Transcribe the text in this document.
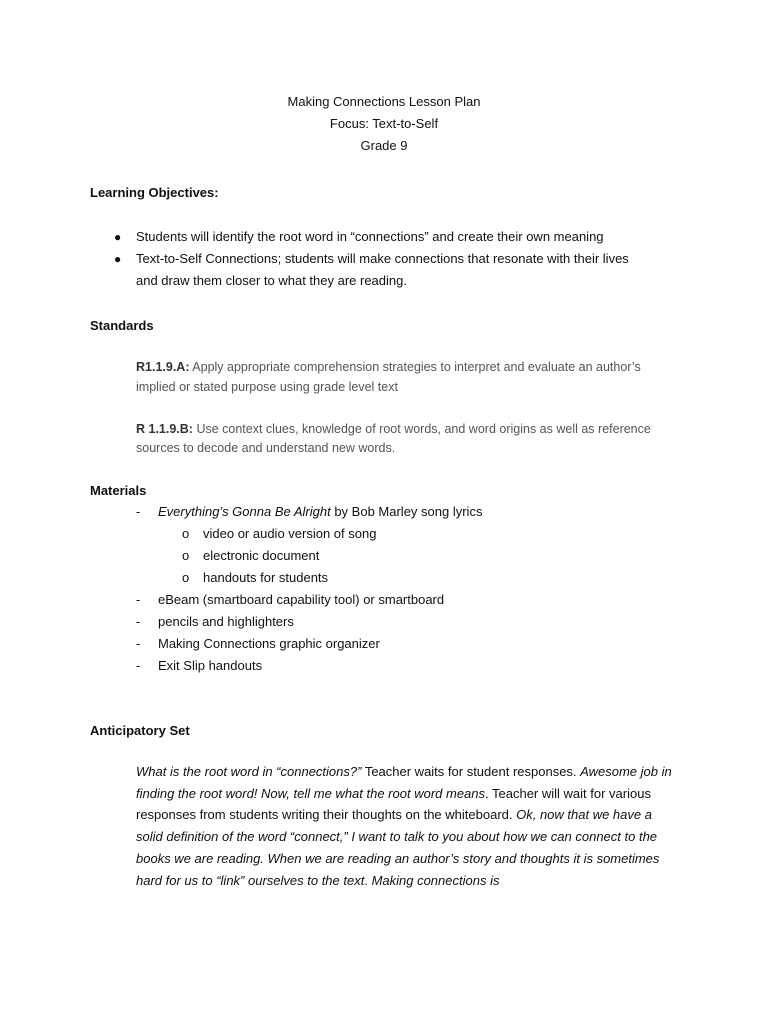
Making Connections Lesson Plan
Focus: Text-to-Self
Grade 9
Learning Objectives:
● Students will identify the root word in “connections” and create their own meaning
● Text-to-Self Connections; students will make connections that resonate with their lives
and draw them closer to what they are reading.
Standards
R1.1.9.A: Apply appropriate comprehension strategies to interpret and evaluate an author’s
implied or stated purpose using grade level text
R 1.1.9.B: Use context clues, knowledge of root words, and word origins as well as reference
sources to decode and understand new words.
Materials
- Everything’s Gonna Be Alright by Bob Marley song lyrics
o video or audio version of song
o electronic document
o handouts for students
- eBeam (smartboard capability tool) or smartboard
- pencils and highlighters
- Making Connections graphic organizer
- Exit Slip handouts
Anticipatory Set
What is the root word in “connections?” Teacher waits for student responses. Awesome job in finding the root word! Now, tell me what the root word means. Teacher will wait for various responses from students writing their thoughts on the whiteboard. Ok, now that we have a solid definition of the word “connect,” I want to talk to you about how we can connect to the books we are reading. When we are reading an author’s story and thoughts it is sometimes hard for us to “link” ourselves to the text. Making connections is
